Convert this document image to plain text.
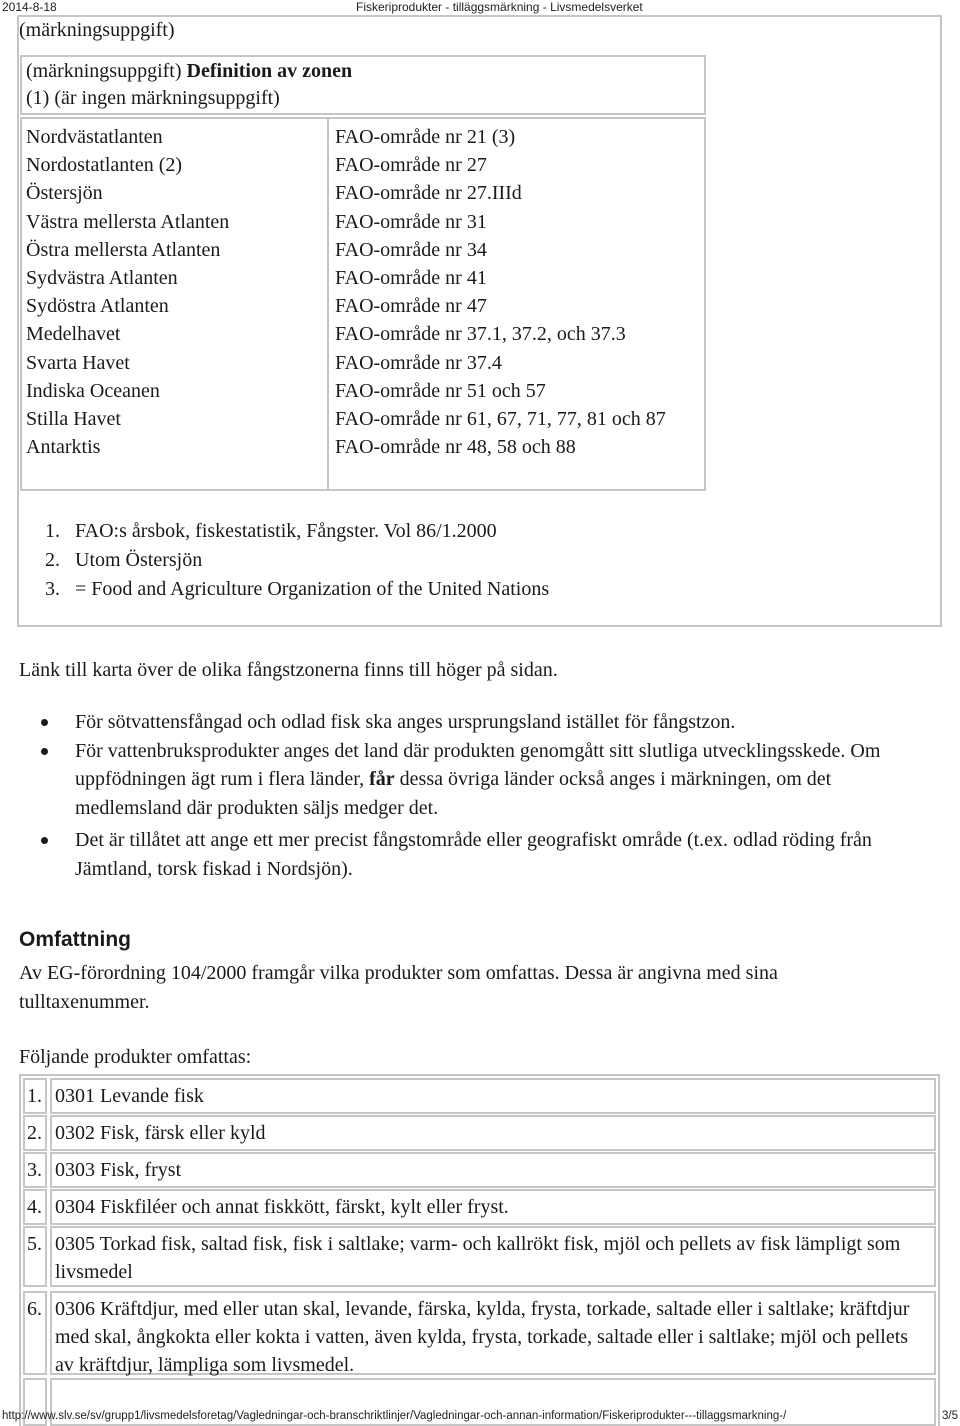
2014-8-18	Fiskeriprodukter - tilläggsmärkning - Livsmedelsverket
(märkningsuppgift)
(märkningsuppgift) Definition av zonen
(1) (är ingen märkningsuppgift)
Nordvästatlanten
Nordostatlanten (2)
Östersjön
Västra mellersta Atlanten
Östra mellersta Atlanten
Sydvästra Atlanten
Sydöstra Atlanten
Medelhavet
Svarta Havet
Indiska Oceanen
Stilla Havet
Antarktis
FAO-område nr 21 (3)
FAO-område nr 27
FAO-område nr 27.IIId
FAO-område nr 31
FAO-område nr 34
FAO-område nr 41
FAO-område nr 47
FAO-område nr 37.1, 37.2, och 37.3
FAO-område nr 37.4
FAO-område nr 51 och 57
FAO-område nr 61, 67, 71, 77, 81 och 87
FAO-område nr 48, 58 och 88
1. FAO:s årsbok, fiskestatistik, Fångster. Vol 86/1.2000
2. Utom Östersjön
3. = Food and Agriculture Organization of the United Nations

Länk till karta över de olika fångstzonerna finns till höger på sidan.

För sötvattensfångad och odlad fisk ska anges ursprungsland istället för fångstzon.
För vattenbruksprodukter anges det land där produkten genomgått sitt slutliga utvecklingsskede. Om uppfödningen ägt rum i flera länder, får dessa övriga länder också anges i märkningen, om det medlemsland där produkten säljs medger det.
Det är tillåtet att ange ett mer precist fångstområde eller geografiskt område (t.ex. odlad röding från Jämtland, torsk fiskad i Nordsjön).
Omfattning

Av EG-förordning 104/2000 framgår vilka produkter som omfattas. Dessa är angivna med sina tulltaxenummer.

Följande produkter omfattas:

1. 0301 Levande fisk
2. 0302 Fisk, färsk eller kyld
3. 0303 Fisk, fryst
4. 0304 Fiskfiléer och annat fiskkött, färskt, kylt eller fryst.
5. 0305 Torkad fisk, saltad fisk, fisk i saltlake; varm- och kallrökt fisk, mjöl och pellets av fisk lämpligt som livsmedel
6. 0306 Kräftdjur, med eller utan skal, levande, färska, kylda, frysta, torkade, saltade eller i saltlake; kräftdjur med skal, ångkokta eller kokta i vatten, även kylda, frysta, torkade, saltade eller i saltlake; mjöl och pellets av kräftdjur, lämpliga som livsmedel.
http://www.slv.se/sv/grupp1/livsmedelsforetag/Vagledningar-och-branschriktlinjer/Vagledningar-och-annan-information/Fiskeriprodukter---tillaggsmarkning-/	3/5
